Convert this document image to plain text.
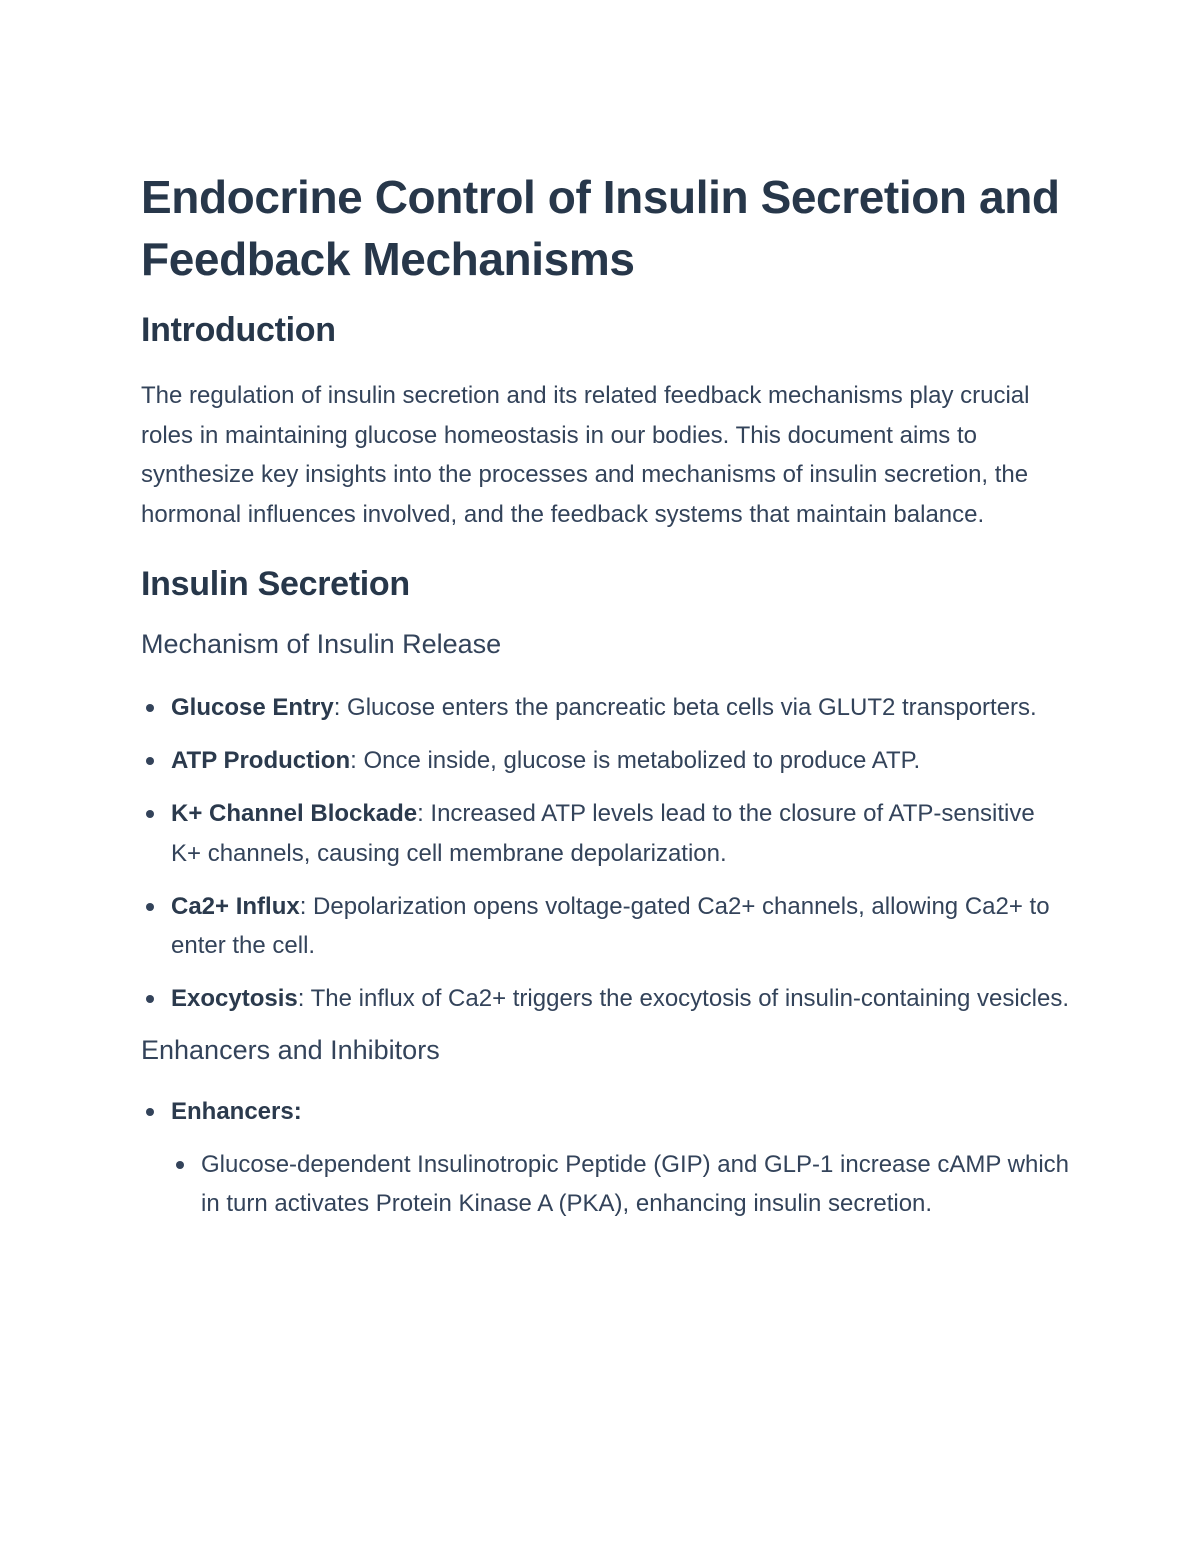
Endocrine Control of Insulin Secretion and Feedback Mechanisms
Introduction

The regulation of insulin secretion and its related feedback mechanisms play crucial roles in maintaining glucose homeostasis in our bodies. This document aims to synthesize key insights into the processes and mechanisms of insulin secretion, the hormonal influences involved, and the feedback systems that maintain balance.

Insulin Secretion
Mechanism of Insulin Release
Glucose Entry: Glucose enters the pancreatic beta cells via GLUT2 transporters.
ATP Production: Once inside, glucose is metabolized to produce ATP.
K+ Channel Blockade: Increased ATP levels lead to the closure of ATP-sensitive K+ channels, causing cell membrane depolarization.
Ca2+ Influx: Depolarization opens voltage-gated Ca2+ channels, allowing Ca2+ to enter the cell.
Exocytosis: The influx of Ca2+ triggers the exocytosis of insulin-containing vesicles.
Enhancers and Inhibitors
Enhancers:
Glucose-dependent Insulinotropic Peptide (GIP) and GLP-1 increase cAMP which in turn activates Protein Kinase A (PKA), enhancing insulin secretion.
